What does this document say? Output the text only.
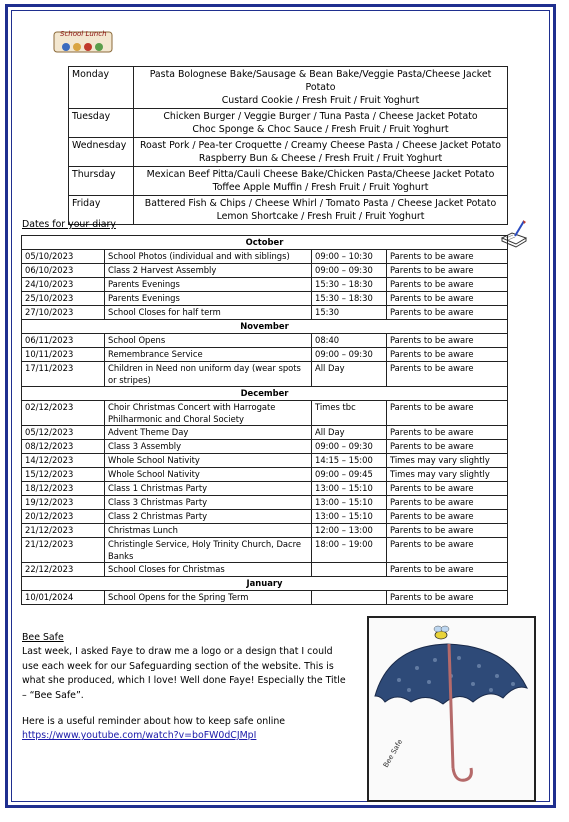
School Lunch
Monday	Pasta Bolognese Bake/Sausage & Bean Bake/Veggie Pasta/Cheese Jacket Potato
Custard Cookie / Fresh Fruit / Fruit Yoghurt

Tuesday	Chicken Burger / Veggie Burger / Tuna Pasta / Cheese Jacket Potato
Choc Sponge & Choc Sauce / Fresh Fruit / Fruit Yoghurt

Wednesday	Roast Pork / Pea-ter Croquette / Creamy Cheese Pasta / Cheese Jacket Potato
Raspberry Bun & Cheese / Fresh Fruit / Fruit Yoghurt

Thursday	Mexican Beef Pitta/Cauli Cheese Bake/Chicken Pasta/Cheese Jacket Potato
Toffee Apple Muffin / Fresh Fruit / Fruit Yoghurt

Friday	Battered Fish & Chips / Cheese Whirl / Tomato Pasta / Cheese Jacket Potato
Lemon Shortcake / Fresh Fruit / Fruit Yoghurt
Dates for your diary
October			
05/10/2023	School Photos (individual and with siblings)	09:00 – 10:30	Parents to be aware
06/10/2023	Class 2 Harvest Assembly	09:00 – 09:30	Parents to be aware
24/10/2023	Parents Evenings	15:30 – 18:30	Parents to be aware
25/10/2023	Parents Evenings	15:30 – 18:30	Parents to be aware
27/10/2023	School Closes for half term	15:30	Parents to be aware
November			
06/11/2023	School Opens	08:40	Parents to be aware
10/11/2023	Remembrance Service	09:00 – 09:30	Parents to be aware
17/11/2023	Children in Need non uniform day (wear spots or stripes)	All Day	Parents to be aware
December			
02/12/2023	Choir Christmas Concert with Harrogate Philharmonic and Choral Society	Times tbc	Parents to be aware
05/12/2023	Advent Theme Day	All Day	Parents to be aware
08/12/2023	Class 3 Assembly	09:00 – 09:30	Parents to be aware
14/12/2023	Whole School Nativity	14:15 – 15:00	Times may vary slightly
15/12/2023	Whole School Nativity	09:00 – 09:45	Times may vary slightly
18/12/2023	Class 1 Christmas Party	13:00 – 15:10	Parents to be aware
19/12/2023	Class 3 Christmas Party	13:00 – 15:10	Parents to be aware
20/12/2023	Class 2 Christmas Party	13:00 – 15:10	Parents to be aware
21/12/2023	Christmas Lunch	12:00 – 13:00	Parents to be aware
21/12/2023	Christingle Service, Holy Trinity Church, Dacre Banks	18:00 – 19:00	Parents to be aware
22/12/2023	School Closes for Christmas		Parents to be aware
January			
10/01/2024	School Opens for the Spring Term		Parents to be aware
Bee Safe
Last week, I asked Faye to draw me a logo or a design that I could use each week for our Safeguarding section of the website. This is what she produced, which I love! Well done Faye! Especially the Title – “Bee Safe”.
Here is a useful reminder about how to keep safe online
https://www.youtube.com/watch?v=boFW0dCJMpI
Bee Safe
